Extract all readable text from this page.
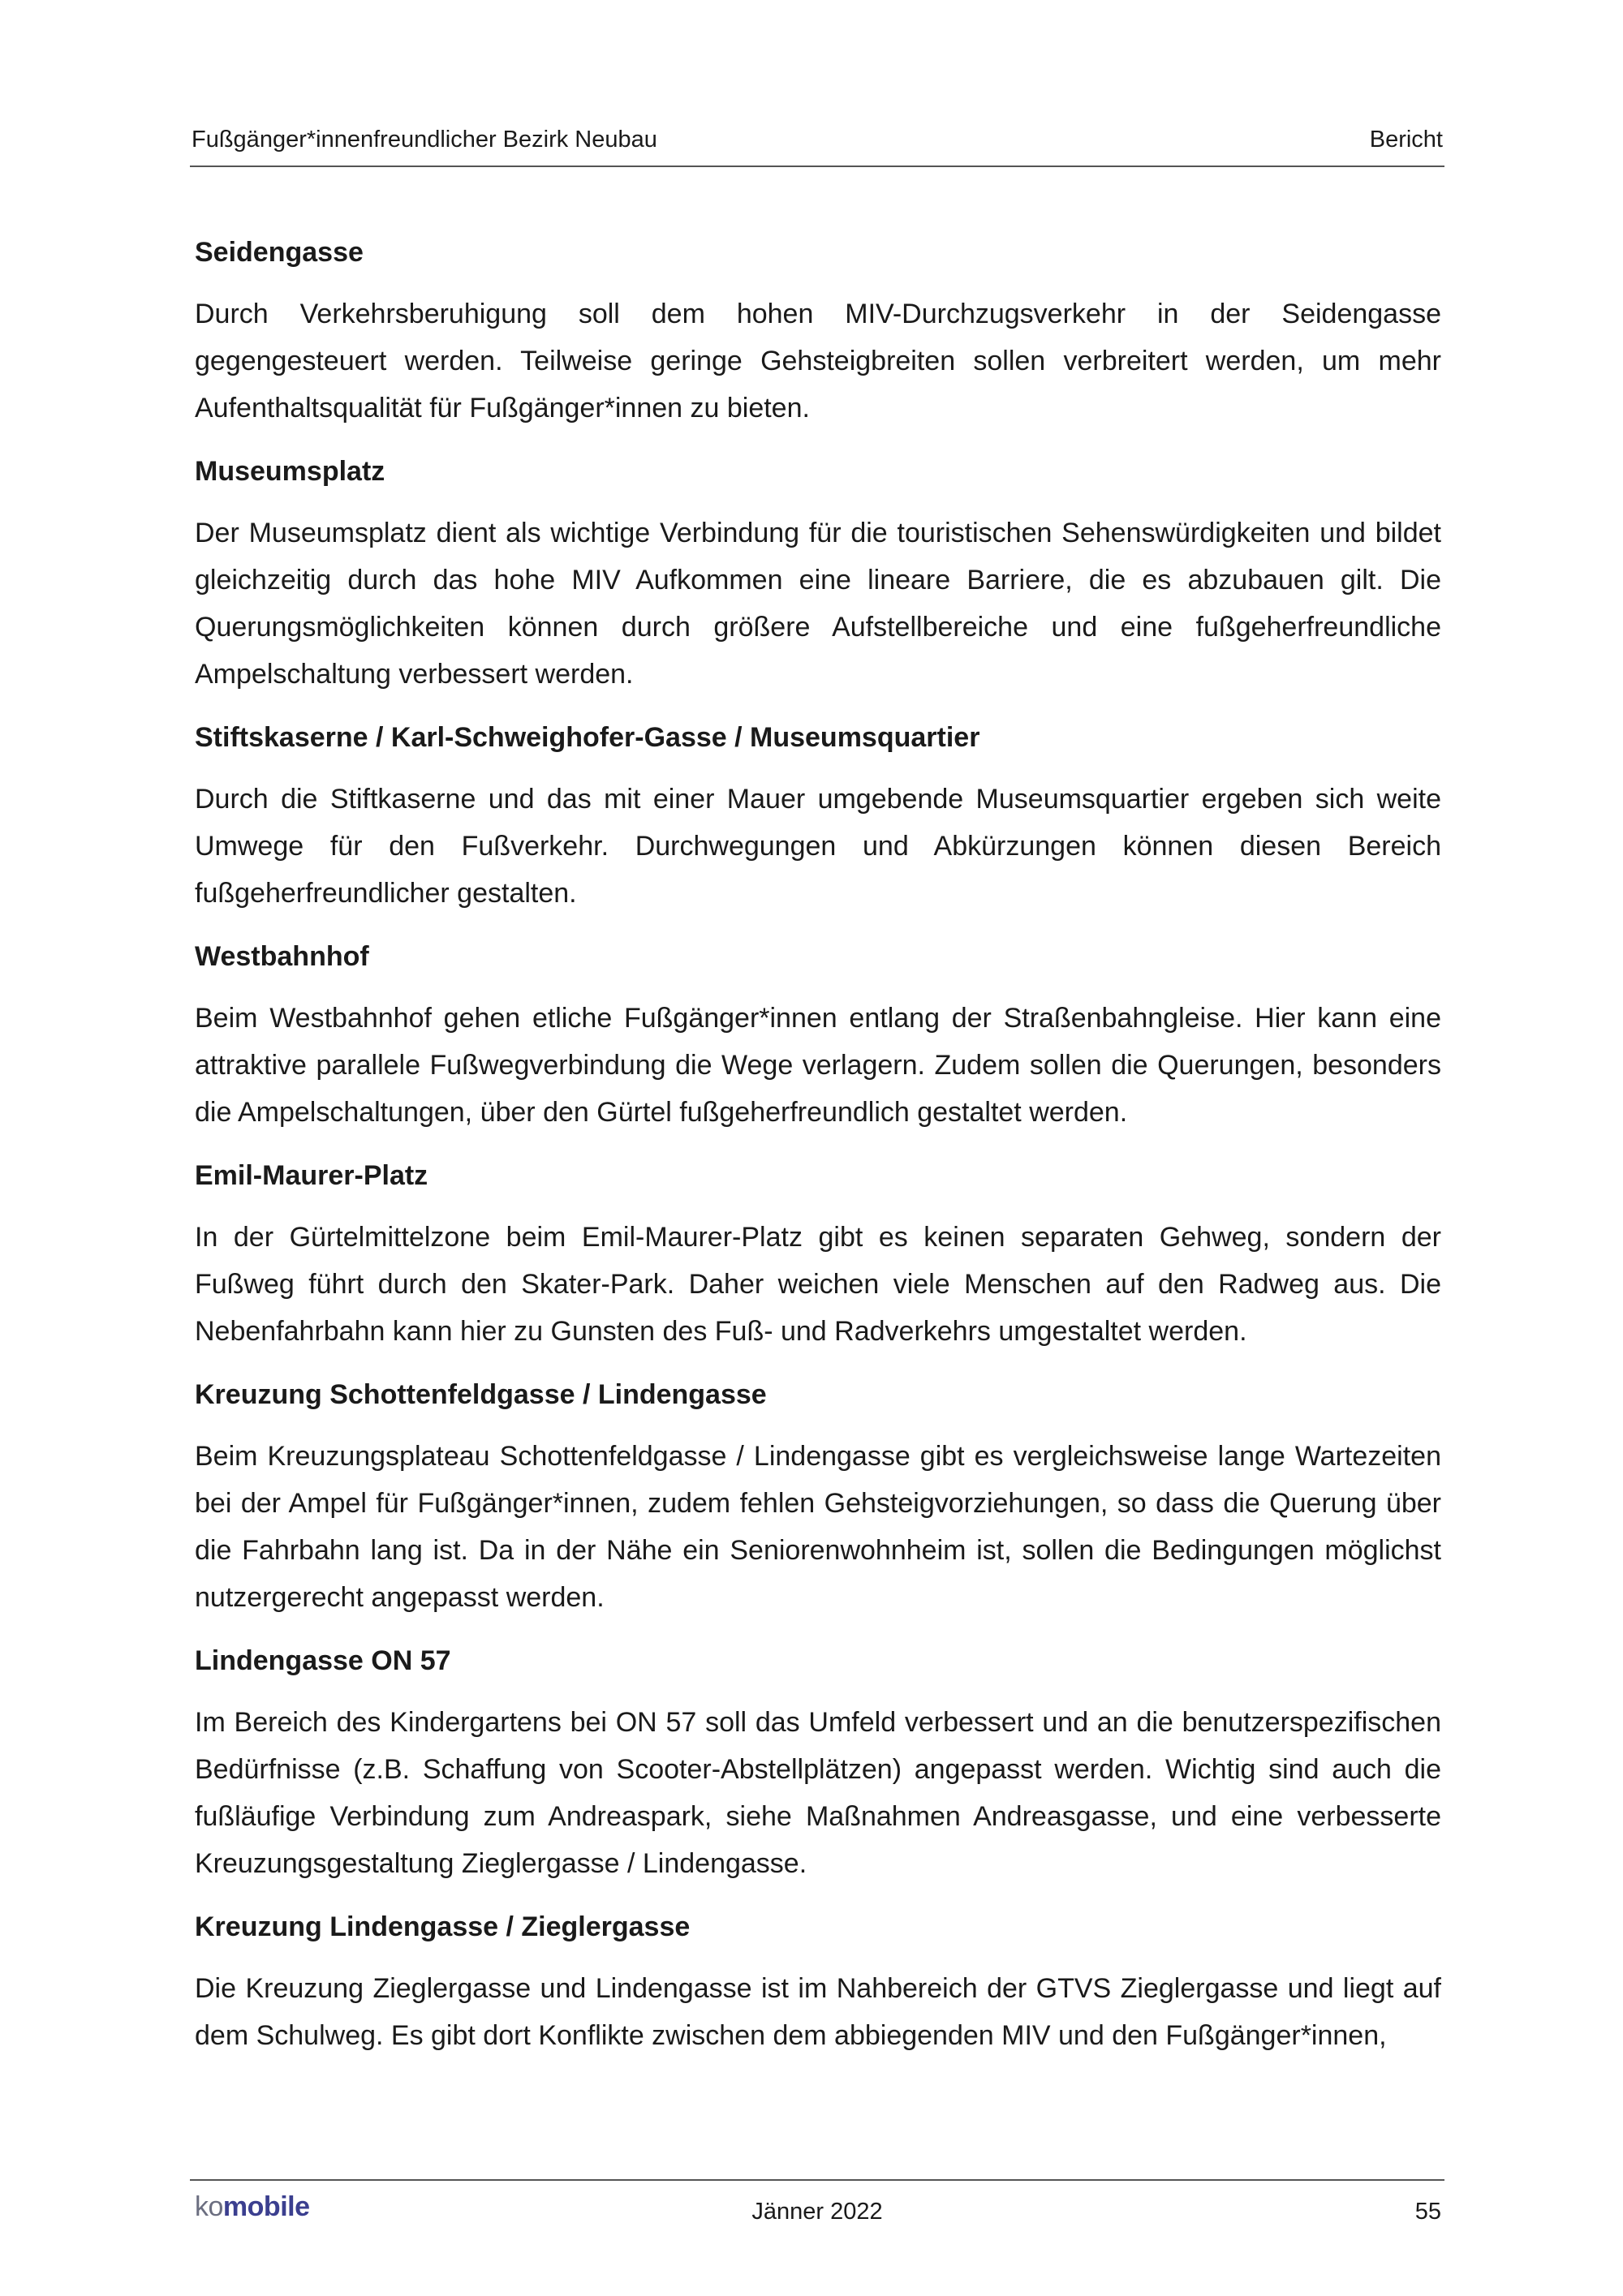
Fußgänger*innenfreundlicher Bezirk Neubau	Bericht
Seidengasse
Durch Verkehrsberuhigung soll dem hohen MIV-Durchzugsverkehr in der Seidengasse gegengesteuert werden. Teilweise geringe Gehsteigbreiten sollen verbreitert werden, um mehr Aufenthaltsqualität für Fußgänger*innen zu bieten.
Museumsplatz
Der Museumsplatz dient als wichtige Verbindung für die touristischen Sehenswürdigkeiten und bildet gleichzeitig durch das hohe MIV Aufkommen eine lineare Barriere, die es abzubauen gilt. Die Querungsmöglichkeiten können durch größere Aufstellbereiche und eine fußgeherfreundliche Ampelschaltung verbessert werden.
Stiftskaserne / Karl-Schweighofer-Gasse / Museumsquartier
Durch die Stiftkaserne und das mit einer Mauer umgebende Museumsquartier ergeben sich weite Umwege für den Fußverkehr. Durchwegungen und Abkürzungen können diesen Bereich fußgeherfreundlicher gestalten.
Westbahnhof
Beim Westbahnhof gehen etliche Fußgänger*innen entlang der Straßenbahngleise. Hier kann eine attraktive parallele Fußwegverbindung die Wege verlagern. Zudem sollen die Querungen, besonders die Ampelschaltungen, über den Gürtel fußgeherfreundlich gestaltet werden.
Emil-Maurer-Platz
In der Gürtelmittelzone beim Emil-Maurer-Platz gibt es keinen separaten Gehweg, sondern der Fußweg führt durch den Skater-Park. Daher weichen viele Menschen auf den Radweg aus. Die Nebenfahrbahn kann hier zu Gunsten des Fuß- und Radverkehrs umgestaltet werden.
Kreuzung Schottenfeldgasse / Lindengasse
Beim Kreuzungsplateau Schottenfeldgasse / Lindengasse gibt es vergleichsweise lange Wartezeiten bei der Ampel für Fußgänger*innen, zudem fehlen Gehsteigvorziehungen, so dass die Querung über die Fahrbahn lang ist. Da in der Nähe ein Seniorenwohnheim ist, sollen die Bedingungen möglichst nutzergerecht angepasst werden.
Lindengasse ON 57
Im Bereich des Kindergartens bei ON 57 soll das Umfeld verbessert und an die benutzerspezifischen Bedürfnisse (z.B. Schaffung von Scooter-Abstellplätzen) angepasst werden. Wichtig sind auch die fußläufige Verbindung zum Andreaspark, siehe Maßnahmen Andreasgasse, und eine verbesserte Kreuzungsgestaltung Zieglergasse / Lindengasse.
Kreuzung Lindengasse / Zieglergasse
Die Kreuzung Zieglergasse und Lindengasse ist im Nahbereich der GTVS Zieglergasse und liegt auf dem Schulweg. Es gibt dort Konflikte zwischen dem abbiegenden MIV und den Fußgänger*innen,
komobile	Jänner 2022	55
